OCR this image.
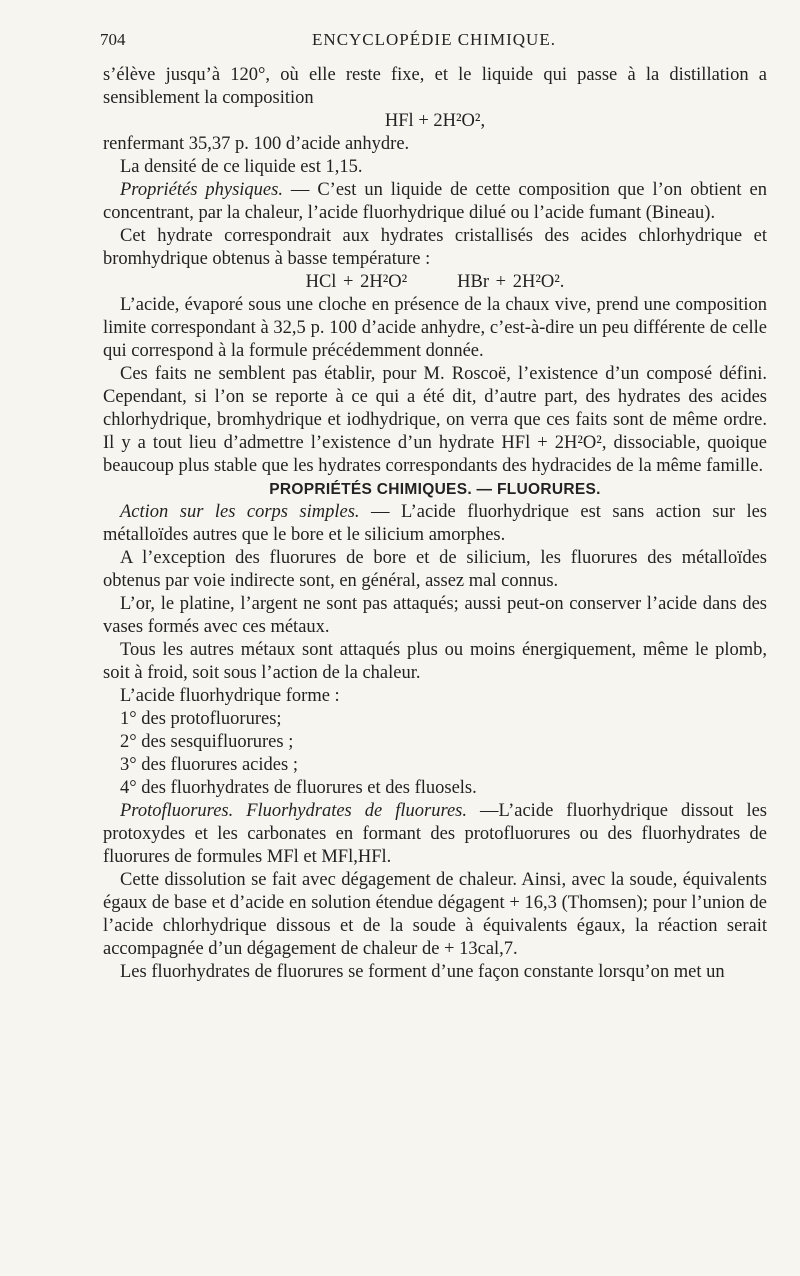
704	ENCYCLOPÉDIE CHIMIQUE.

s’élève jusqu’à 120°, où elle reste fixe, et le liquide qui passe à la distillation a sensiblement la composition

HFl + 2H²O²,

renfermant 35,37 p. 100 d’acide anhydre.

La densité de ce liquide est 1,15.

Propriétés physiques. — C’est un liquide de cette composition que l’on obtient en concentrant, par la chaleur, l’acide fluorhydrique dilué ou l’acide fumant (Bineau).

Cet hydrate correspondrait aux hydrates cristallisés des acides chlorhydrique et bromhydrique obtenus à basse température :

HCl + 2H²O²	HBr + 2H²O².

L’acide, évaporé sous une cloche en présence de la chaux vive, prend une composition limite correspondant à 32,5 p. 100 d’acide anhydre, c’est-à-dire un peu différente de celle qui correspond à la formule précédemment donnée.

Ces faits ne semblent pas établir, pour M. Roscoë, l’existence d’un composé défini. Cependant, si l’on se reporte à ce qui a été dit, d’autre part, des hydrates des acides chlorhydrique, bromhydrique et iodhydrique, on verra que ces faits sont de même ordre. Il y a tout lieu d’admettre l’existence d’un hydrate HFl + 2H²O², dissociable, quoique beaucoup plus stable que les hydrates correspondants des hydracides de la même famille.

PROPRIÉTÉS CHIMIQUES. — FLUORURES.

Action sur les corps simples. — L’acide fluorhydrique est sans action sur les métalloïdes autres que le bore et le silicium amorphes.

A l’exception des fluorures de bore et de silicium, les fluorures des métalloïdes obtenus par voie indirecte sont, en général, assez mal connus.

L’or, le platine, l’argent ne sont pas attaqués; aussi peut-on conserver l’acide dans des vases formés avec ces métaux.

Tous les autres métaux sont attaqués plus ou moins énergiquement, même le plomb, soit à froid, soit sous l’action de la chaleur.

L’acide fluorhydrique forme :

1° des protofluorures;

2° des sesquifluorures ;

3° des fluorures acides ;

4° des fluorhydrates de fluorures et des fluosels.

Protofluorures. Fluorhydrates de fluorures. —L’acide fluorhydrique dissout les protoxydes et les carbonates en formant des protofluorures ou des fluorhydrates de fluorures de formules MFl et MFl,HFl.

Cette dissolution se fait avec dégagement de chaleur. Ainsi, avec la soude, équivalents égaux de base et d’acide en solution étendue dégagent + 16,3 (Thomsen); pour l’union de l’acide chlorhydrique dissous et de la soude à équivalents égaux, la réaction serait accompagnée d’un dégagement de chaleur de + 13cal,7.

Les fluorhydrates de fluorures se forment d’une façon constante lorsqu’on met un
